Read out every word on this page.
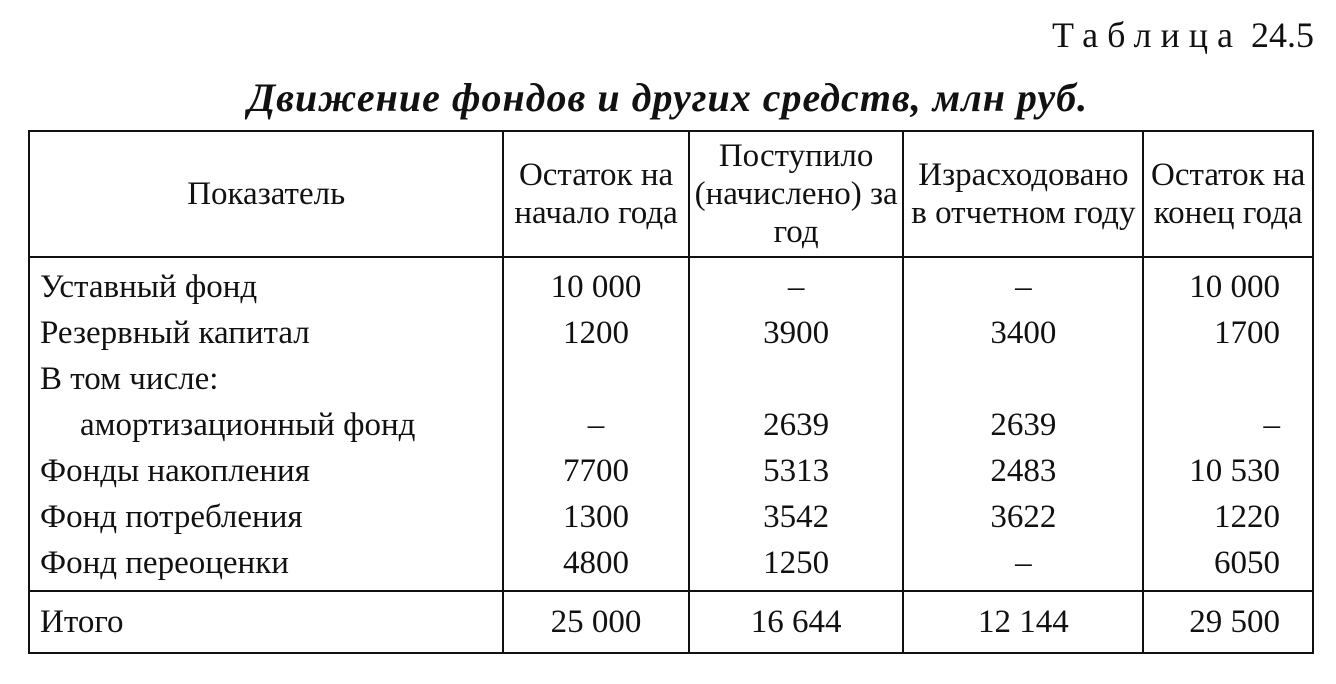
Таблица 24.5
Движение фондов и других средств, млн руб.
Показатель	Остаток на начало года	Поступило (начислено) за год	Израсходовано в отчетном году	Остаток на конец года
Уставный фонд	10 000	–	–	10 000
Резервный капитал	1200	3900	3400	1700
В том числе:				
амортизационный фонд	–	2639	2639	–
Фонды накопления	7700	5313	2483	10 530
Фонд потребления	1300	3542	3622	1220
Фонд переоценки	4800	1250	–	6050
Итого	25 000	16 644	12 144	29 500
